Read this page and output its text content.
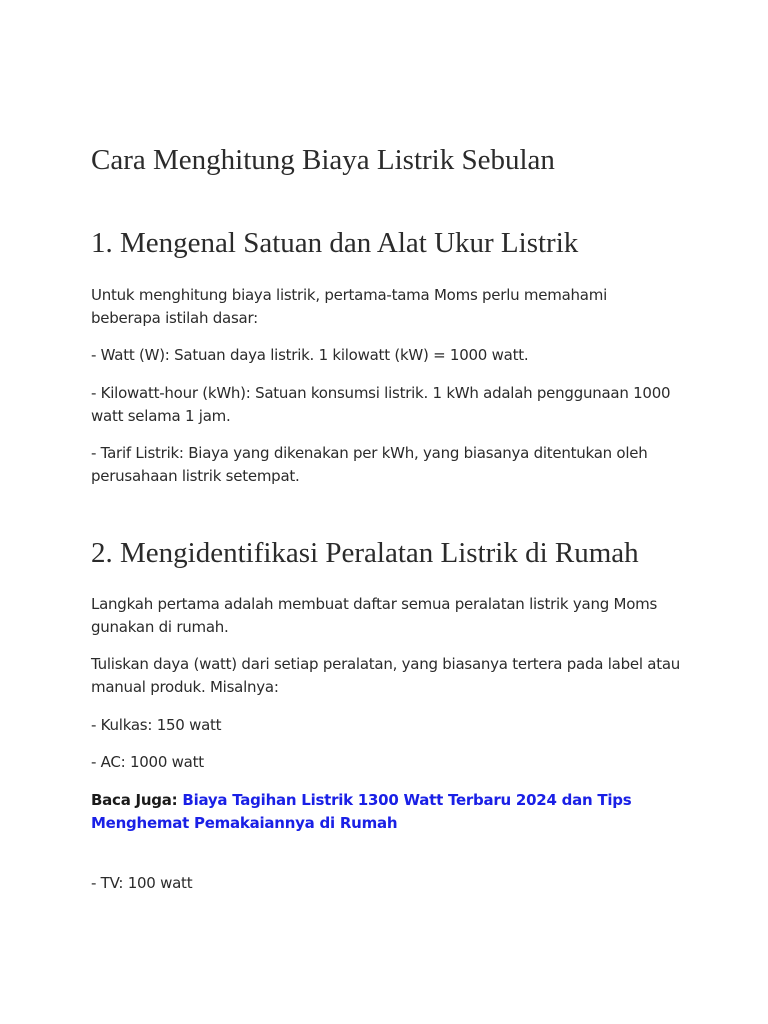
Cara Menghitung Biaya Listrik Sebulan
1. Mengenal Satuan dan Alat Ukur Listrik

Untuk menghitung biaya listrik, pertama-tama Moms perlu memahami beberapa istilah dasar:

- Watt (W): Satuan daya listrik. 1 kilowatt (kW) = 1000 watt.

- Kilowatt-hour (kWh): Satuan konsumsi listrik. 1 kWh adalah penggunaan 1000 watt selama 1 jam.

- Tarif Listrik: Biaya yang dikenakan per kWh, yang biasanya ditentukan oleh perusahaan listrik setempat.

2. Mengidentifikasi Peralatan Listrik di Rumah

Langkah pertama adalah membuat daftar semua peralatan listrik yang Moms gunakan di rumah.

Tuliskan daya (watt) dari setiap peralatan, yang biasanya tertera pada label atau manual produk. Misalnya:

- Kulkas: 150 watt

- AC: 1000 watt

Baca Juga: Biaya Tagihan Listrik 1300 Watt Terbaru 2024 dan Tips Menghemat Pemakaiannya di Rumah

- TV: 100 watt
